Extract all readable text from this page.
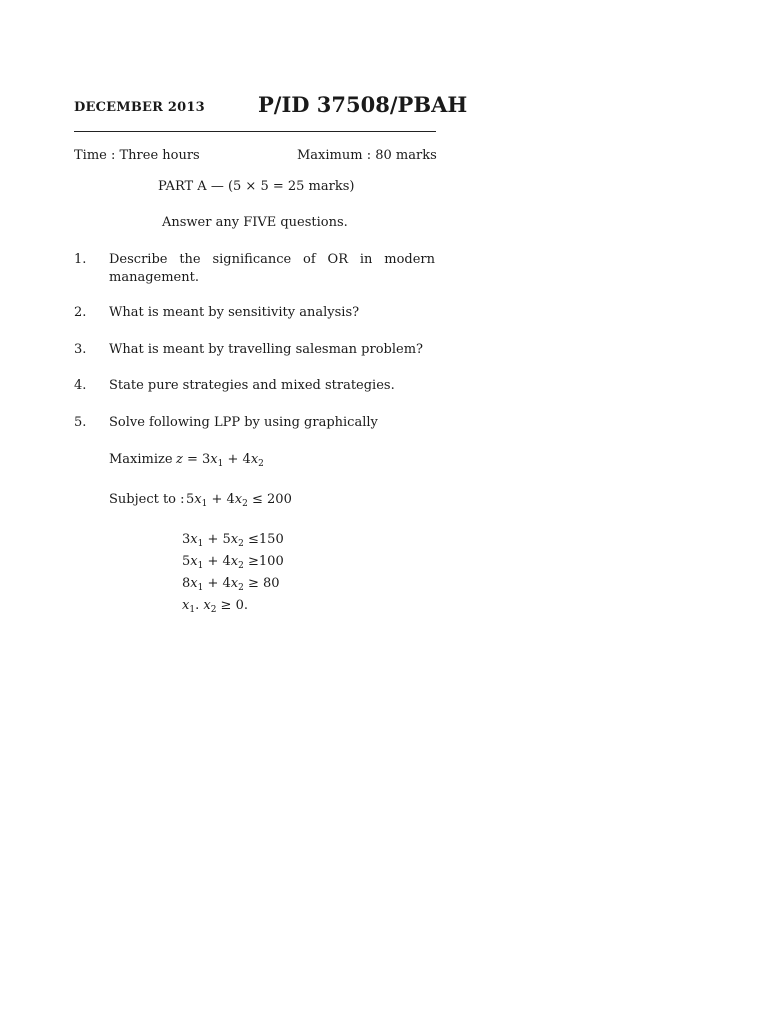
DECEMBER 2013	P/ID 37508/PBAH
Time : Three hours	Maximum : 80 marks
PART A — (5 × 5 = 25 marks)
Answer any FIVE questions.
1. Describe the significance of OR in modern management.
2. What is meant by sensitivity analysis?
3. What is meant by travelling salesman problem?
4. State pure strategies and mixed strategies.
5. Solve following LPP by using graphically
Maximize $z = 3x_1 + 4x_2$
Subject to : $5x_1 + 4x_2 \le 200$
$3x_1 + 5x_2 \le 150$
$5x_1 + 4x_2 \ge 100$
$8x_1 + 4x_2 \ge 80$
$x_1$. $x_2 \ge 0$.
